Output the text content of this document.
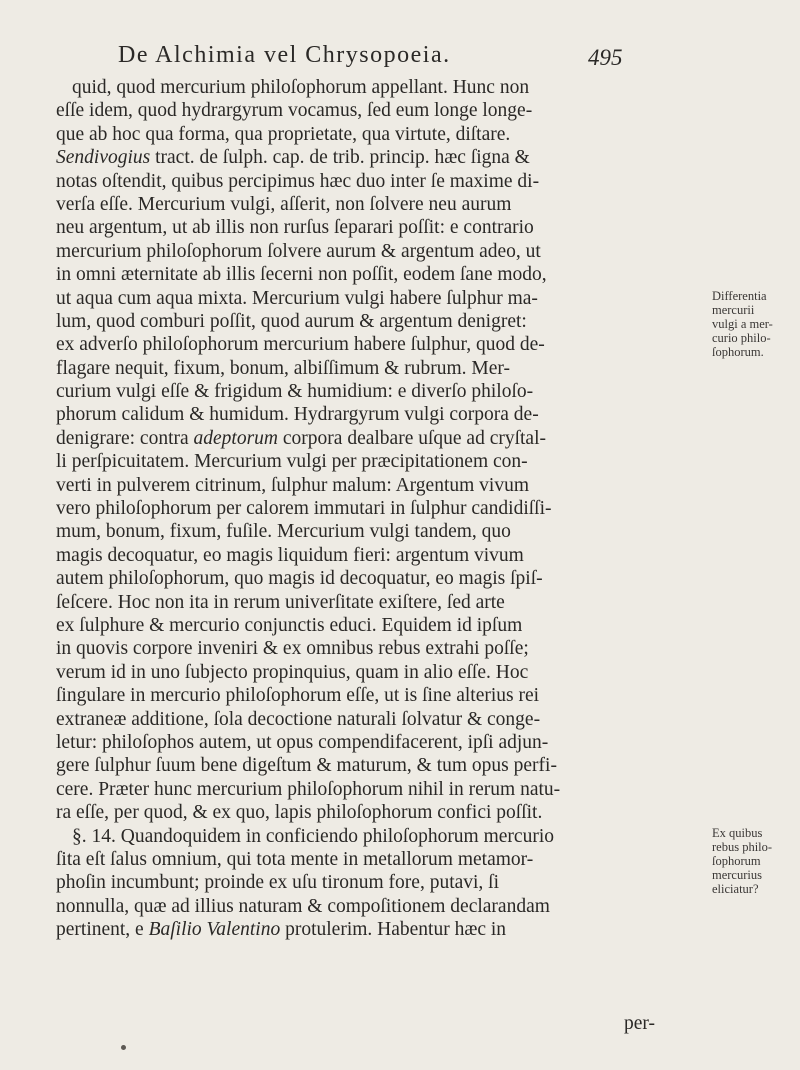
De Alchimia vel Chrysopoeia.	495
quid, quod mercurium philoſophorum appellant. Hunc non
eſſe idem, quod hydrargyrum vocamus, ſed eum longe longe-
que ab hoc qua forma, qua proprietate, qua virtute, diſtare.
Sendivogius tract. de ſulph. cap. de trib. princip. hæc ſigna &
notas oſtendit, quibus percipimus hæc duo inter ſe maxime di-
verſa eſſe. Mercurium vulgi, aſſerit, non ſolvere neu aurum
neu argentum, ut ab illis non rurſus ſeparari poſſit: e contrario
mercurium philoſophorum ſolvere aurum & argentum adeo, ut
in omni æternitate ab illis ſecerni non poſſit, eodem ſane modo,
ut aqua cum aqua mixta. Mercurium vulgi habere ſulphur ma-
lum, quod comburi poſſit, quod aurum & argentum denigret:
ex adverſo philoſophorum mercurium habere ſulphur, quod de-
flagare nequit, fixum, bonum, albiſſimum & rubrum. Mer-
curium vulgi eſſe & frigidum & humidium: e diverſo philoſo-
phorum calidum & humidum. Hydrargyrum vulgi corpora de-
denigrare: contra adeptorum corpora dealbare uſque ad cryſtal-
li perſpicuitatem. Mercurium vulgi per præcipitationem con-
verti in pulverem citrinum, ſulphur malum: Argentum vivum
vero philoſophorum per calorem immutari in ſulphur candidiſſi-
mum, bonum, fixum, fuſile. Mercurium vulgi tandem, quo
magis decoquatur, eo magis liquidum fieri: argentum vivum
autem philoſophorum, quo magis id decoquatur, eo magis ſpiſ-
ſeſcere. Hoc non ita in rerum univerſitate exiſtere, ſed arte
ex ſulphure & mercurio conjunctis educi. Equidem id ipſum
in quovis corpore inveniri & ex omnibus rebus extrahi poſſe;
verum id in uno ſubjecto propinquius, quam in alio eſſe. Hoc
ſingulare in mercurio philoſophorum eſſe, ut is ſine alterius rei
extraneæ additione, ſola decoctione naturali ſolvatur & conge-
letur: philoſophos autem, ut opus compendifacerent, ipſi adjun-
gere ſulphur ſuum bene digeſtum & maturum, & tum opus perfi-
cere. Præter hunc mercurium philoſophorum nihil in rerum natu-
ra eſſe, per quod, & ex quo, lapis philoſophorum confici poſſit.
§. 14. Quandoquidem in conficiendo philoſophorum mercurio
ſita eſt ſalus omnium, qui tota mente in metallorum metamor-
phoſin incumbunt; proinde ex uſu tironum fore, putavi, ſi
nonnulla, quæ ad illius naturam & compoſitionem declarandam
pertinent, e Baſilio Valentino protulerim. Habentur hæc in
Differentia
mercurii
vulgi a mer-
curio philo-
ſophorum.
Ex quibus
rebus philo-
ſophorum
mercurius
eliciatur?
per-
